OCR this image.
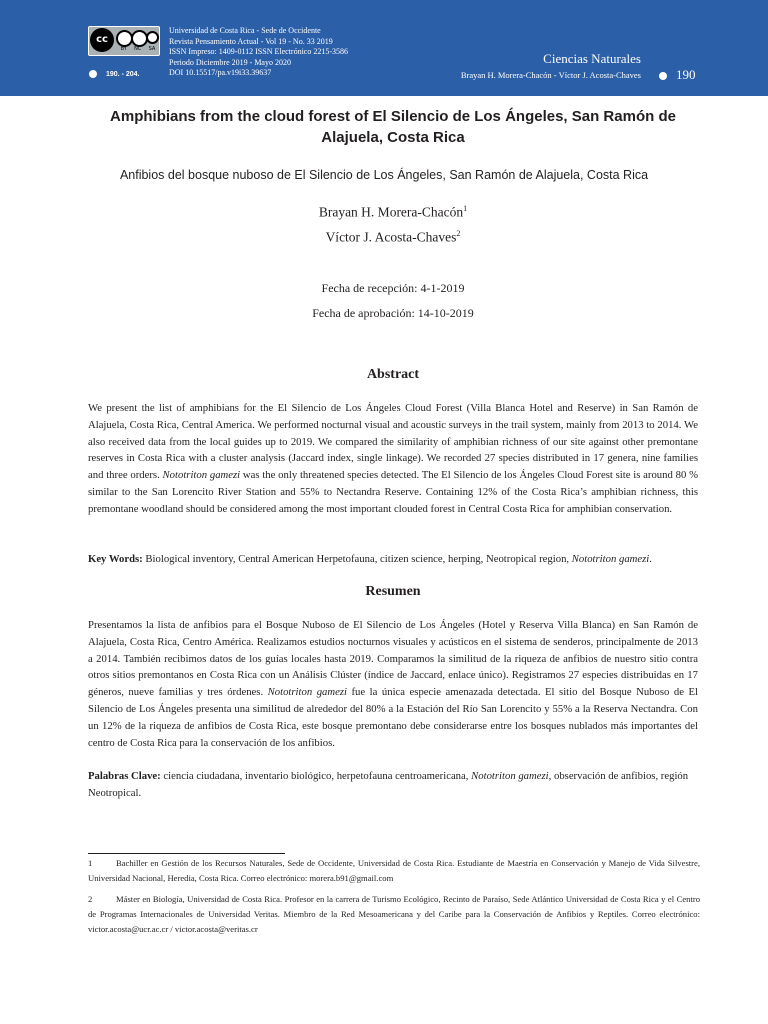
cc
BY NC SA
Universidad de Costa Rica - Sede de Occidente
Revista Pensamiento Actual - Vol 19 - No. 33 2019
ISSN Impreso: 1409-0112 ISSN Electrónico 2215-3586
Periodo Diciembre 2019 - Mayo 2020
DOI 10.15517/pa.v19i33.39637
190. - 204.
Ciencias Naturales
Brayan H. Morera-Chacón - Víctor J. Acosta-Chaves	190
Amphibians from the cloud forest of El Silencio de Los Ángeles, San Ramón de Alajuela, Costa Rica
Anfibios del bosque nuboso de El Silencio de Los Ángeles, San Ramón de Alajuela, Costa Rica
Brayan H. Morera-Chacón$^1$
Víctor J. Acosta-Chaves$^2$
Fecha de recepción: 4-1-2019
Fecha de aprobación: 14-10-2019
Abstract
We present the list of amphibians for the El Silencio de Los Ángeles Cloud Forest (Villa Blanca Hotel and Reserve) in San Ramón de Alajuela, Costa Rica, Central America. We performed nocturnal visual and acoustic surveys in the trail system, mainly from 2013 to 2014. We also received data from the local guides up to 2019. We compared the similarity of amphibian richness of our site against other premontane reserves in Costa Rica with a cluster analysis (Jaccard index, single linkage). We recorded 27 species distributed in 17 genera, nine families and three orders. Nototriton gamezi was the only threatened species detected. The El Silencio de los Ángeles Cloud Forest site is around 80 % similar to the San Lorencito River Station and 55% to Nectandra Reserve. Containing 12% of the Costa Rica’s amphibian richness, this premontane woodland should be considered among the most important clouded forest in Central Costa Rica for amphibian conservation.
Key Words: Biological inventory, Central American Herpetofauna, citizen science, herping, Neotropical region, Nototriton gamezi.
Resumen
Presentamos la lista de anfibios para el Bosque Nuboso de El Silencio de Los Ángeles (Hotel y Reserva Villa Blanca) en San Ramón de Alajuela, Costa Rica, Centro América. Realizamos estudios nocturnos visuales y acústicos en el sistema de senderos, principalmente de 2013 a 2014. También recibimos datos de los guías locales hasta 2019. Comparamos la similitud de la riqueza de anfibios de nuestro sitio contra otros sitios premontanos en Costa Rica con un Análisis Clúster (índice de Jaccard, enlace único). Registramos 27 especies distribuidas en 17 géneros, nueve familias y tres órdenes. Nototriton gamezi fue la única especie amenazada detectada. El sitio del Bosque Nuboso de El Silencio de Los Ángeles presenta una similitud de alrededor del 80% a la Estación del Río San Lorencito y 55% a la Reserva Nectandra. Con un 12% de la riqueza de anfibios de Costa Rica, este bosque premontano debe considerarse entre los bosques nublados más importantes del centro de Costa Rica para la conservación de los anfibios.
Palabras Clave: ciencia ciudadana, inventario biológico, herpetofauna centroamericana, Nototriton gamezi, observación de anfibios, región Neotropical.
1	Bachiller en Gestión de los Recursos Naturales, Sede de Occidente, Universidad de Costa Rica. Estudiante de Maestría en Conservación y Manejo de Vida Silvestre, Universidad Nacional, Heredia, Costa Rica. Correo electrónico: morera.b91@gmail.com
2	Máster en Biología, Universidad de Costa Rica. Profesor en la carrera de Turismo Ecológico, Recinto de Paraíso, Sede Atlántico Universidad de Costa Rica y el Centro de Programas Internacionales de Universidad Veritas. Miembro de la Red Mesoamericana y del Caribe para la Conservación de Anfibios y Reptiles. Correo electrónico: victor.acosta@ucr.ac.cr / victor.acosta@veritas.cr
